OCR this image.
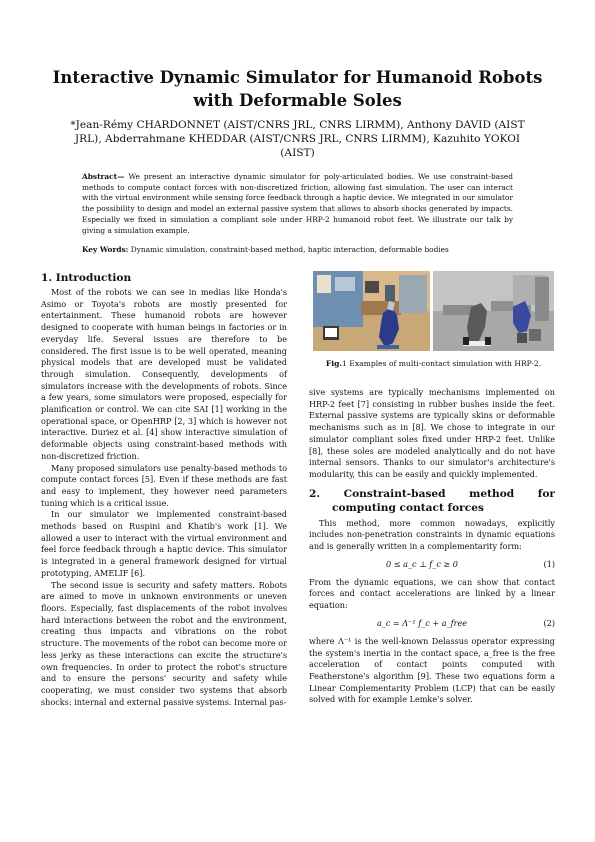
Interactive Dynamic Simulator for Humanoid Robots
with Deformable Soles
*Jean-Rémy CHARDONNET (AIST/CNRS JRL, CNRS LIRMM), Anthony DAVID (AIST
JRL), Abderrahmane KHEDDAR (AIST/CNRS JRL, CNRS LIRMM), Kazuhito YOKOI
(AIST)
Abstract— We present an interactive dynamic simulator for poly-articulated bodies. We use constraint-based methods to compute contact forces with non-discretized friction, allowing fast simulation. The user can interact with the virtual environment while sensing force feedback through a haptic device. We integrated in our simulator the possibility to design and model an external passive system that allows to absorb shocks generated by impacts. Especially we fixed in simulation a compliant sole under HRP-2 humanoid robot feet. We illustrate our talk by giving a simulation example.
Key Words: Dynamic simulation, constraint-based method, haptic interaction, deformable bodies
1. Introduction

Most of the robots we can see in medias like Honda's Asimo or Toyota's robots are mostly presented for entertainment. These humanoid robots are however designed to cooperate with human beings in factories or in everyday life. Several issues are therefore to be considered. The first issue is to be well operated, meaning physical models that are developed must be validated through simulation. Consequently, developments of simulators increase with the developments of robots. Since a few years, some simulators were proposed, especially for planification or control. We can cite SAI [1] working in the operational space, or OpenHRP [2, 3] which is however not interactive. Duriez et al. [4] show interactive simulation of deformable objects using constraint-based methods with non-discretized friction.

Many proposed simulators use penalty-based methods to compute contact forces [5]. Even if these methods are fast and easy to implement, they however need parameters tuning which is a critical issue.

In our simulator we implemented constraint-based methods based on Ruspini and Khatib's work [1]. We allowed a user to interact with the virtual environment and feel force feedback through a haptic device. This simulator is integrated in a general framework designed for virtual prototyping, AMELIF [6].

The second issue is security and safety matters. Robots are aimed to move in unknown environments or uneven floors. Especially, fast displacements of the robot involves hard interactions between the robot and the environment, creating thus impacts and vibrations on the robot structure. The movements of the robot can become more or less jerky as these interactions can excite the structure's own frequencies. In order to protect the robot's structure and to ensure the persons' security and safety while cooperating, we must consider two systems that absorb shocks: internal and external passive systems. Internal pas-

Fig.1 Examples of multi-contact simulation with HRP-2.

sive systems are typically mechanisms implemented on HRP-2 feet [7] consisting in rubber bushes inside the feet. External passive systems are typically skins or deformable mechanisms such as in [8]. We chose to integrate in our simulator compliant soles fixed under HRP-2 feet. Unlike [8], these soles are modeled analytically and do not have internal sensors. Thanks to our simulator's architecture's modularity, this can be easily and quickly implemented.

2. Constraint-based method for computing contact forces

This method, more common nowadays, explicitly includes non-penetration constraints in dynamic equations and is generally written in a complementarity form:

0 ≤ a_c ⊥ f_c ≥ 0	(1)

From the dynamic equations, we can show that contact forces and contact accelerations are linked by a linear equation:

a_c = Λ⁻¹ f_c + a_free	(2)

where Λ⁻¹ is the well-known Delassus operator expressing the system's inertia in the contact space, a_free is the free acceleration of contact points computed with Featherstone's algorithm [9]. These two equations form a Linear Complementarity Problem (LCP) that can be easily solved with for example Lemke's solver.
